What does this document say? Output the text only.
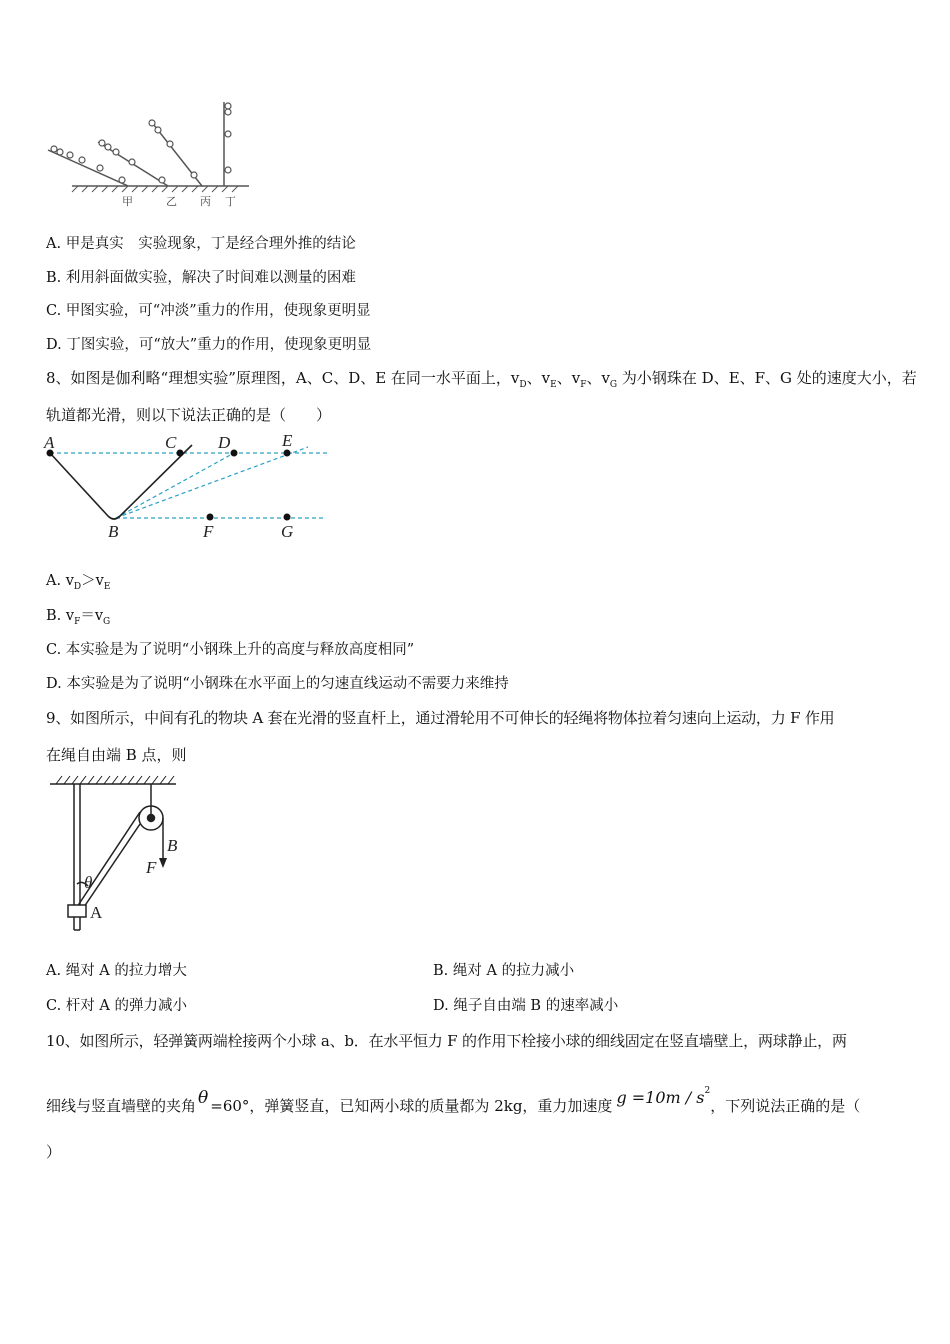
甲	乙 丙 丁
A. 甲是真实　实验现象，丁是经合理外推的结论
B. 利用斜面做实验，解决了时间难以测量的困难
C. 甲图实验，可“冲淡”重力的作用，使现象更明显
D. 丁图实验，可“放大”重力的作用，使现象更明显
8、如图是伽利略“理想实验”原理图，A、C、D、E 在同一水平面上，$v_D$、$v_E$、$v_F$、$v_G$ 为小钢珠在 D、E、F、G 处的速度大小，若
轨道都光滑，则以下说法正确的是（　　）
A	C D	E
B	F	G
A. $v_D>v_E$
B. $v_F=v_G$
C. 本实验是为了说明“小钢珠上升的高度与释放高度相同”
D. 本实验是为了说明“小钢珠在水平面上的匀速直线运动不需要力来维持
9、如图所示，中间有孔的物块 A 套在光滑的竖直杆上，通过滑轮用不可伸长的轻绳将物体拉着匀速向上运动，力 F 作用
在绳自由端 B 点，则
θ
B
F
A
A. 绳对 A 的拉力增大	B. 绳对 A 的拉力减小
C. 杆对 A 的弹力减小	D. 绳子自由端 B 的速率减小
10、如图所示，轻弹簧两端栓接两个小球 a、b．在水平恒力 F 的作用下栓接小球的细线固定在竖直墙壁上，两球静止，两
细线与竖直墙壁的夹角 θ =60°，弹簧竖直，已知两小球的质量都为 2kg，重力加速度 $g =10m / s^2$，下列说法正确的是（
）
